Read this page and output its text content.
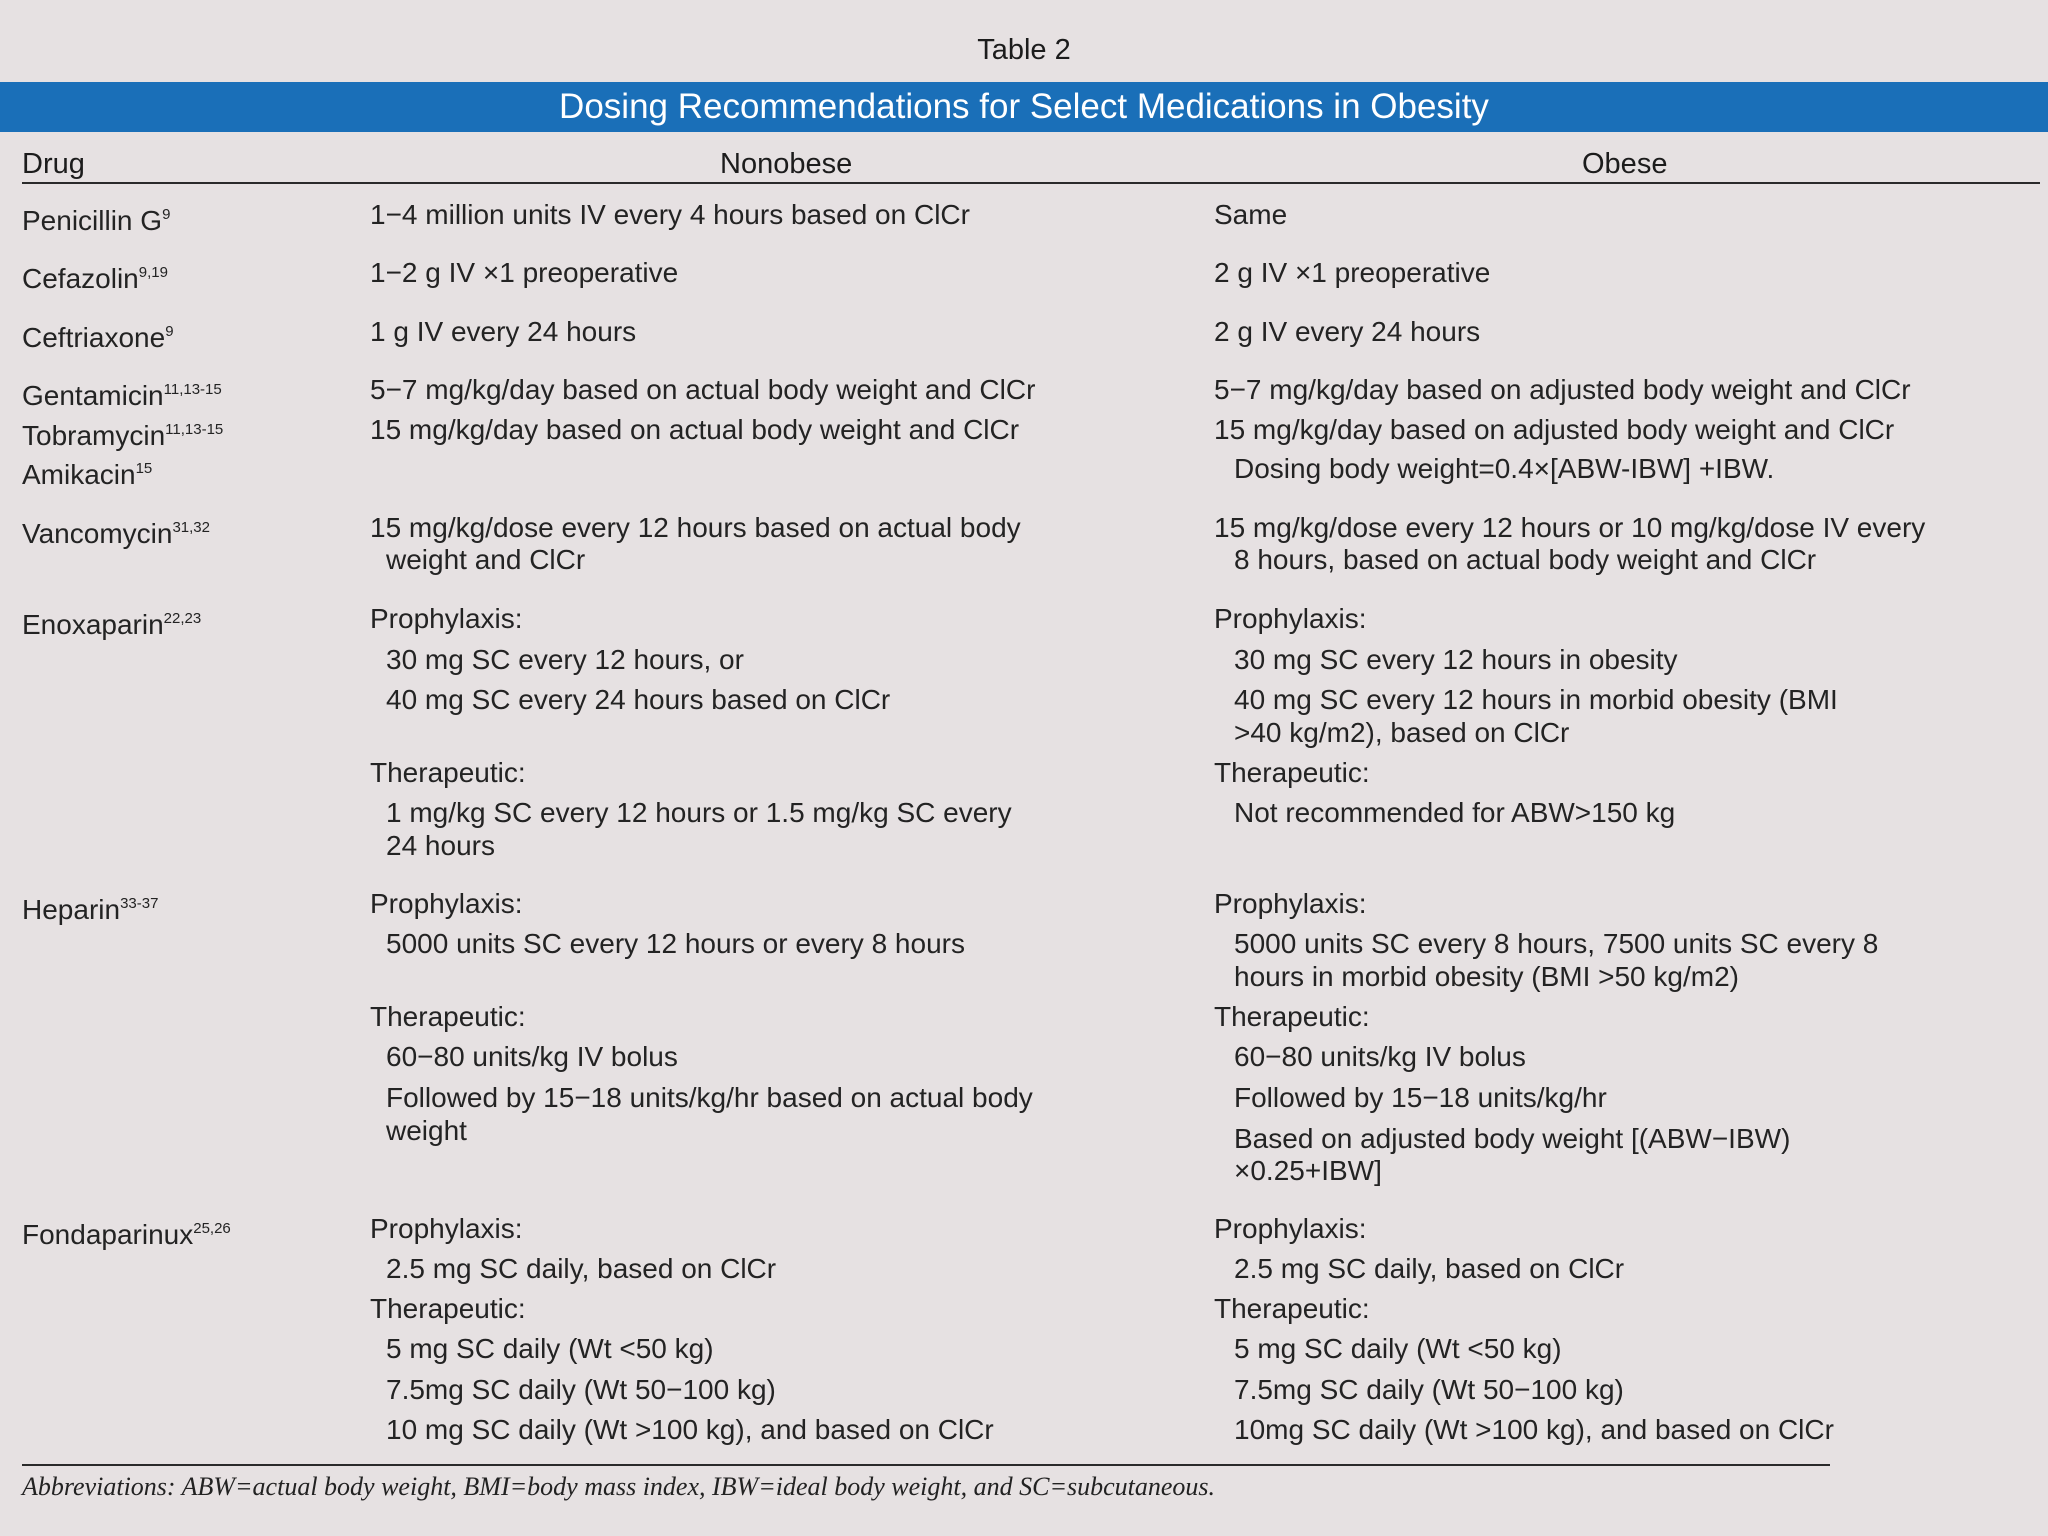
Table 2
Dosing Recommendations for Select Medications in Obesity
Drug	Nonobese	Obese
Penicillin $G^9$
Cefazolin$^{9,19}$
Ceftriaxone$^9$
Gentamicin$^{11,13-15}$
Tobramycin$^{11,13-15}$
Amikacin$^{15}$
Vancomycin$^{31,32}$
Enoxaparin$^{22,23}$
Heparin$^{33-37}$
Fondaparinux$^{25,26}$
1−4 million units IV every 4 hours based on ClCr
1−2 g IV ×1 preoperative
1 g IV every 24 hours
5−7 mg/kg/day based on actual body weight and ClCr
15 mg/kg/day based on actual body weight and ClCr
15 mg/kg/dose every 12 hours based on actual body
weight and ClCr
Prophylaxis:
30 mg SC every 12 hours, or
40 mg SC every 24 hours based on ClCr
Therapeutic:
1 mg/kg SC every 12 hours or 1.5 mg/kg SC every
24 hours
Prophylaxis:
5000 units SC every 12 hours or every 8 hours
Therapeutic:
60−80 units/kg IV bolus
Followed by 15−18 units/kg/hr based on actual body
weight
Prophylaxis:
2.5 mg SC daily, based on ClCr
Therapeutic:
5 mg SC daily (Wt <50 kg)
7.5mg SC daily (Wt 50−100 kg)
10 mg SC daily (Wt >100 kg), and based on ClCr
Same
2 g IV ×1 preoperative
2 g IV every 24 hours
5−7 mg/kg/day based on adjusted body weight and ClCr
15 mg/kg/day based on adjusted body weight and ClCr
Dosing body weight=0.4×[ABW-IBW] +IBW.
15 mg/kg/dose every 12 hours or 10 mg/kg/dose IV every
8 hours, based on actual body weight and ClCr
Prophylaxis:
30 mg SC every 12 hours in obesity
40 mg SC every 12 hours in morbid obesity (BMI
>40 kg/m2), based on ClCr
Therapeutic:
Not recommended for ABW>150 kg
Prophylaxis:
5000 units SC every 8 hours, 7500 units SC every 8
hours in morbid obesity (BMI >50 kg/m2)
Therapeutic:
60−80 units/kg IV bolus
Followed by 15−18 units/kg/hr
Based on adjusted body weight [(ABW−IBW)
×0.25+IBW]
Prophylaxis:
2.5 mg SC daily, based on ClCr
Therapeutic:
5 mg SC daily (Wt <50 kg)
7.5mg SC daily (Wt 50−100 kg)
10mg SC daily (Wt >100 kg), and based on ClCr
Abbreviations: ABW=actual body weight, BMI=body mass index, IBW=ideal body weight, and SC=subcutaneous.
